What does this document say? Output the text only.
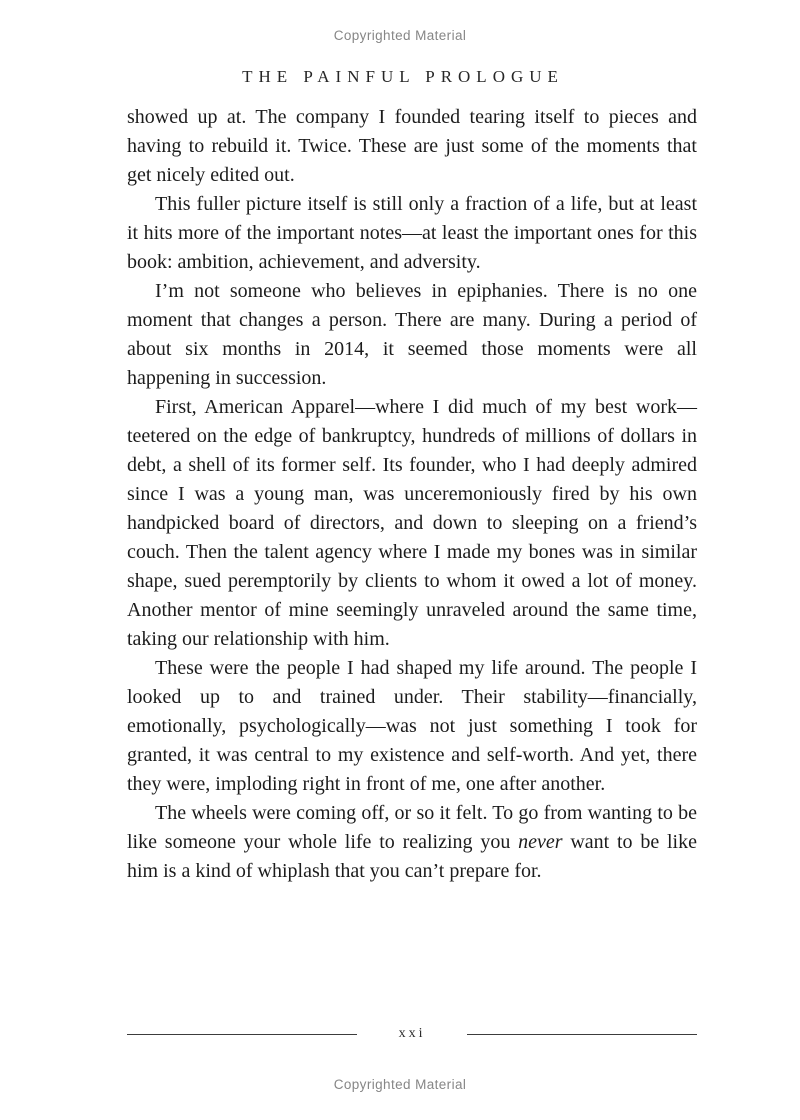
Copyrighted Material
THE PAINFUL PROLOGUE

showed up at. The company I founded tearing itself to pieces and having to rebuild it. Twice. These are just some of the moments that get nicely edited out.

This fuller picture itself is still only a fraction of a life, but at least it hits more of the important notes—at least the important ones for this book: ambition, achievement, and adversity.

I’m not someone who believes in epiphanies. There is no one moment that changes a person. There are many. During a period of about six months in 2014, it seemed those moments were all happening in succession.

First, American Apparel—where I did much of my best work—teetered on the edge of bankruptcy, hundreds of millions of dollars in debt, a shell of its former self. Its founder, who I had deeply admired since I was a young man, was unceremoniously fired by his own handpicked board of directors, and down to sleeping on a friend’s couch. Then the talent agency where I made my bones was in similar shape, sued peremptorily by clients to whom it owed a lot of money. Another mentor of mine seemingly unraveled around the same time, taking our relationship with him.

These were the people I had shaped my life around. The people I looked up to and trained under. Their stability—financially, emotionally, psychologically—was not just something I took for granted, it was central to my existence and self-worth. And yet, there they were, imploding right in front of me, one after another.

The wheels were coming off, or so it felt. To go from wanting to be like someone your whole life to realizing you never want to be like him is a kind of whiplash that you can’t prepare for.

xxi
Copyrighted Material
